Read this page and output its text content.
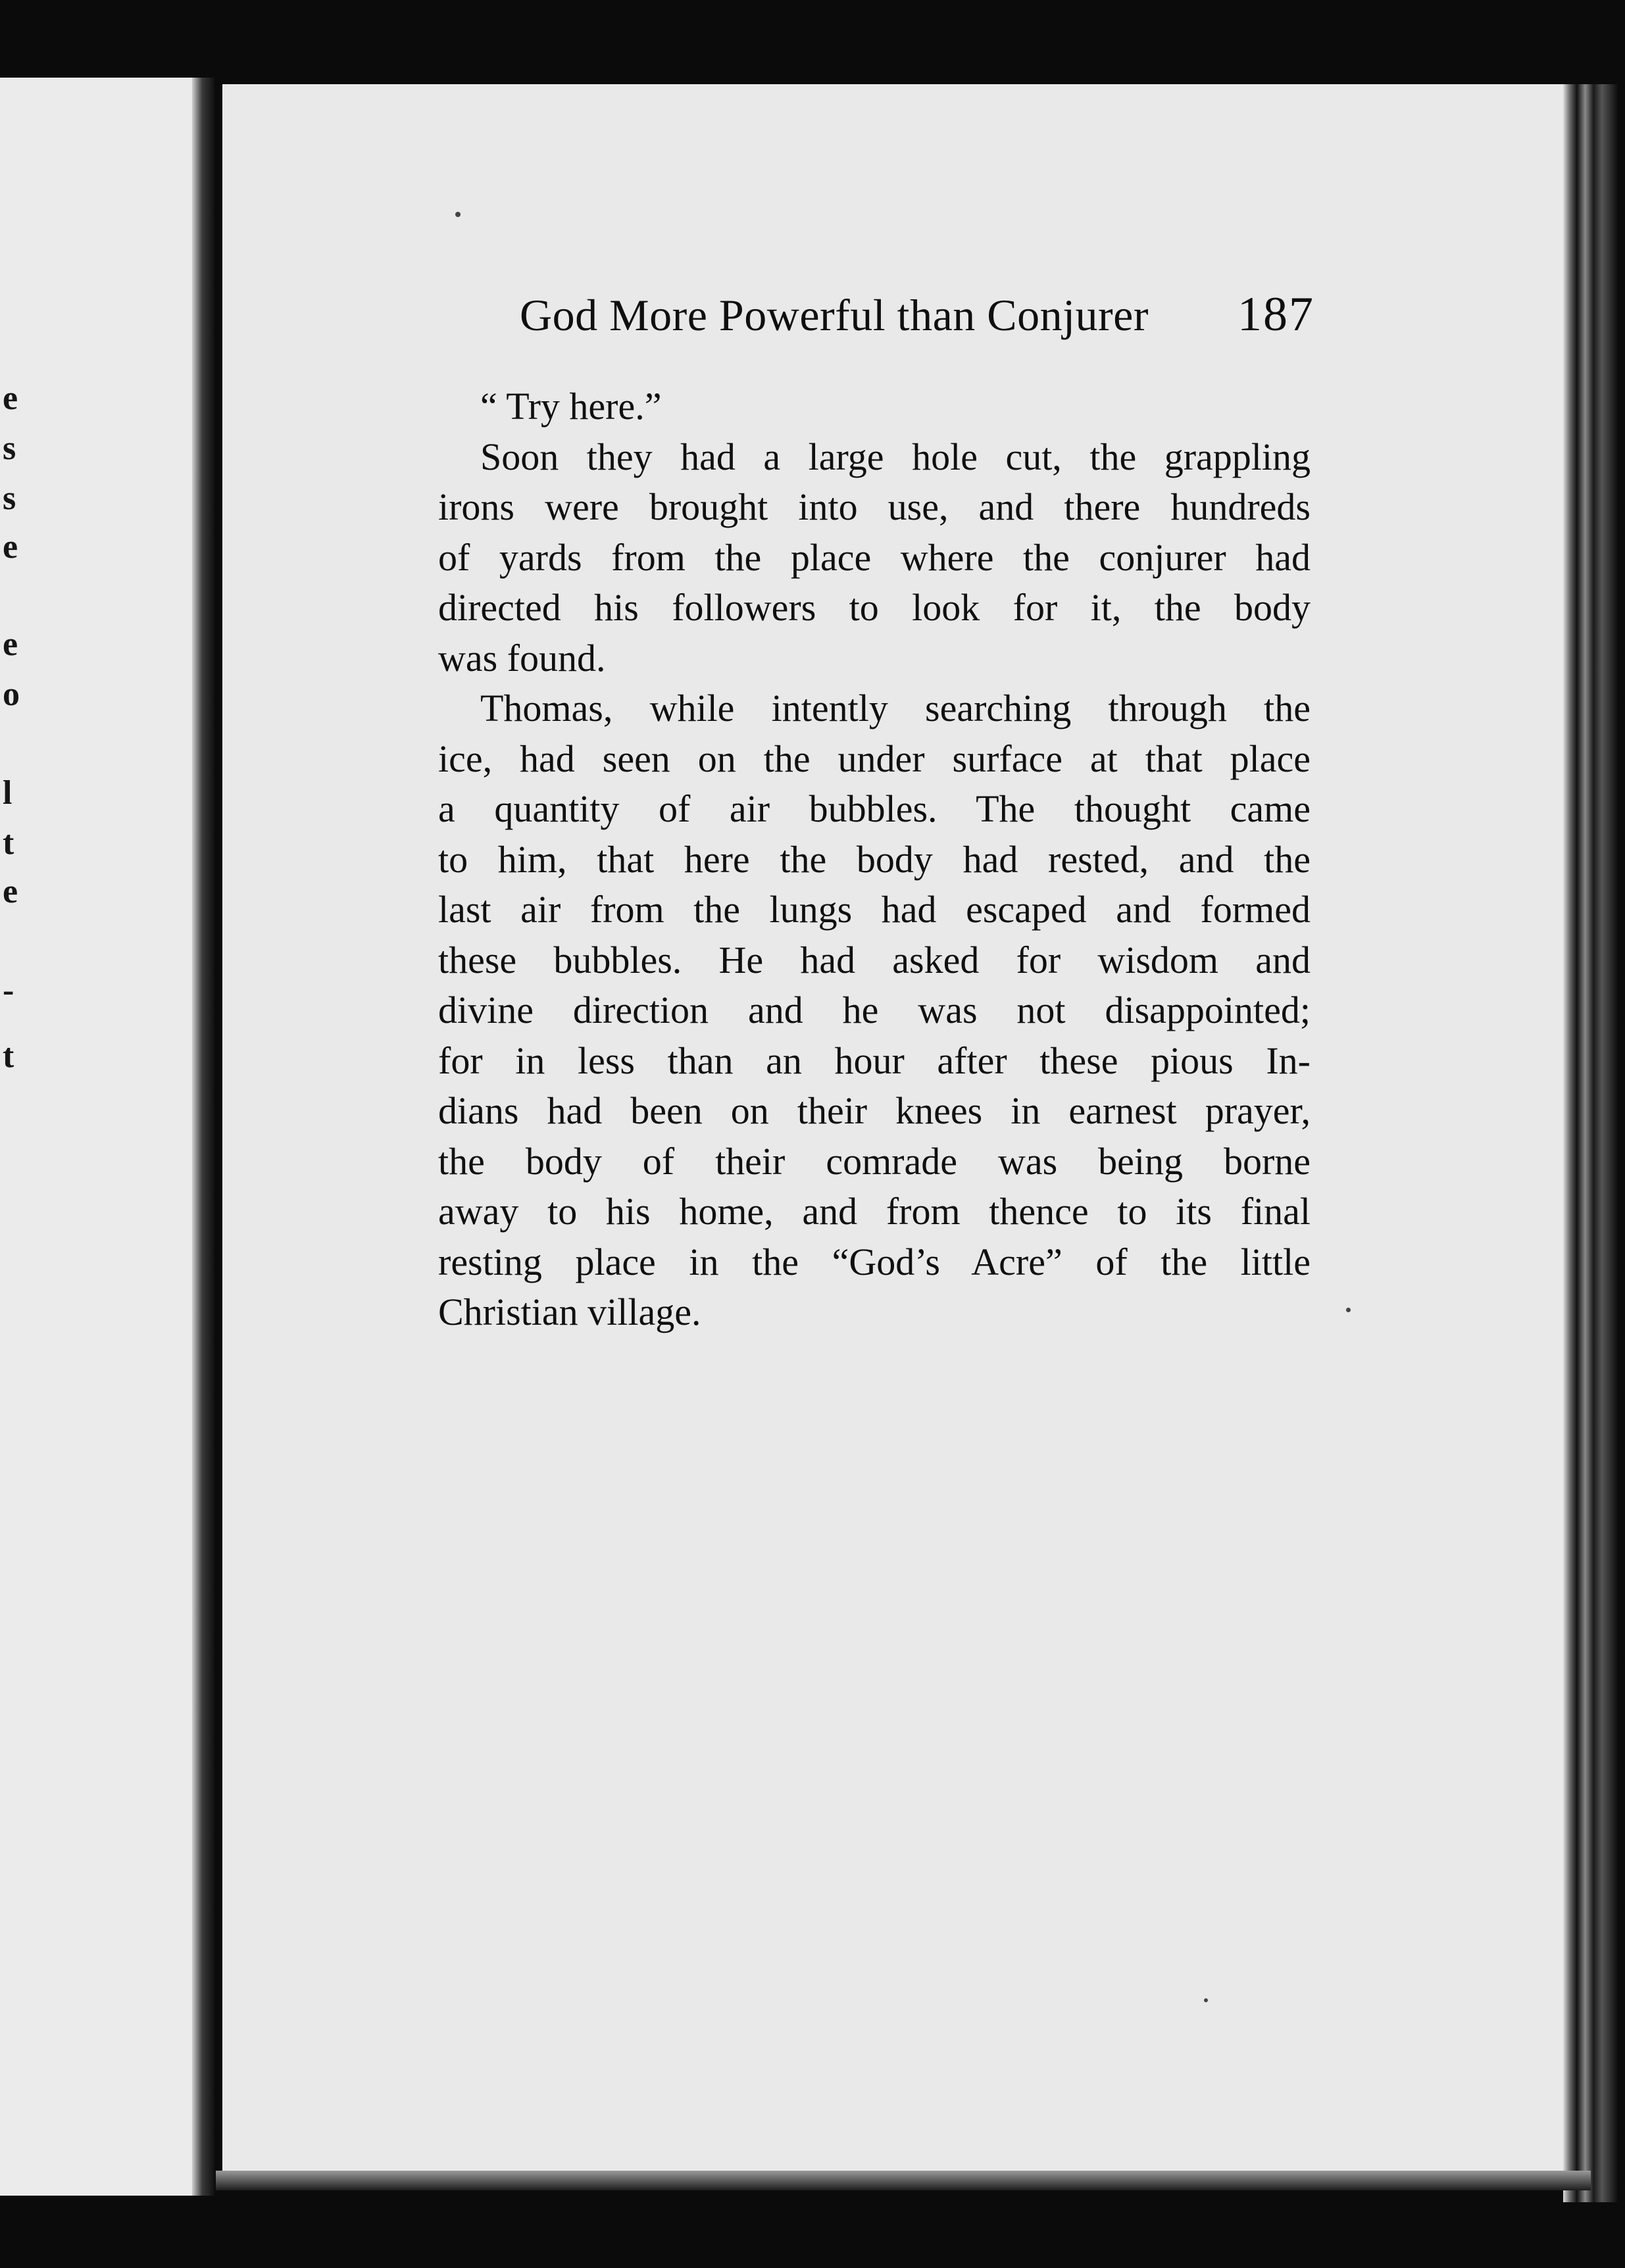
e

s

s

e

e

o

l

t

e

-

t

God More Powerful than Conjurer 187

“ Try here.”
Soon they had a large hole cut, the grappling
irons were brought into use, and there hundreds
of yards from the place where the conjurer had
directed his followers to look for it, the body
was found.
Thomas, while intently searching through the
ice, had seen on the under surface at that place
a quantity of air bubbles. The thought came
to him, that here the body had rested, and the
last air from the lungs had escaped and formed
these bubbles. He had asked for wisdom and
divine direction and he was not disappointed;
for in less than an hour after these pious In-
dians had been on their knees in earnest prayer,
the body of their comrade was being borne
away to his home, and from thence to its final
resting place in the “God’s Acre” of the little
Christian village.
